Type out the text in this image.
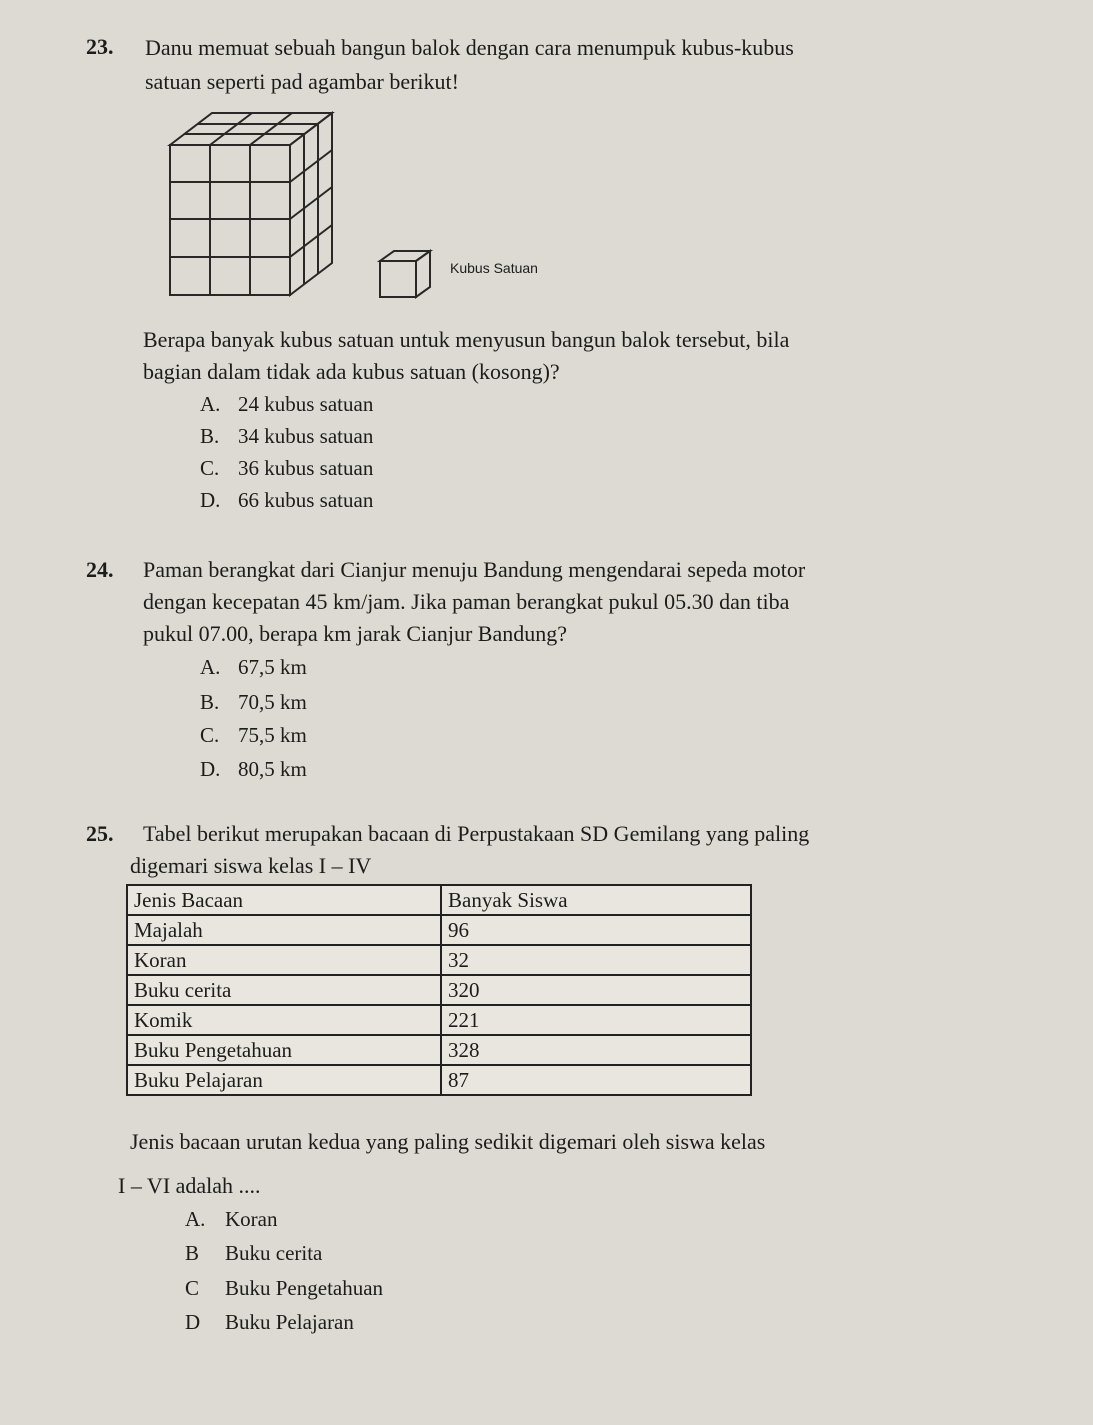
23. Danu memuat sebuah bangun balok dengan cara menumpuk kubus-kubus
satuan seperti pad agambar berikut!
Kubus Satuan
Berapa banyak kubus satuan untuk menyusun bangun balok tersebut, bila
bagian dalam tidak ada kubus satuan (kosong)?
A. 24 kubus satuan
B. 34 kubus satuan
C. 36 kubus satuan
D. 66 kubus satuan
24. Paman berangkat dari Cianjur menuju Bandung mengendarai sepeda motor
dengan kecepatan 45 km/jam. Jika paman berangkat pukul 05.30 dan tiba
pukul 07.00, berapa km jarak Cianjur Bandung?
A. 67,5 km
B. 70,5 km
C. 75,5 km
D. 80,5 km
25. Tabel berikut merupakan bacaan di Perpustakaan SD Gemilang yang paling
digemari siswa kelas I – IV
Jenis Bacaan	Banyak Siswa
Majalah	96
Koran	32
Buku cerita	320
Komik	221
Buku Pengetahuan	328
Buku Pelajaran	87
Jenis bacaan urutan kedua yang paling sedikit digemari oleh siswa kelas
I – VI adalah ....
A. Koran
B Buku cerita
C Buku Pengetahuan
D Buku Pelajaran
